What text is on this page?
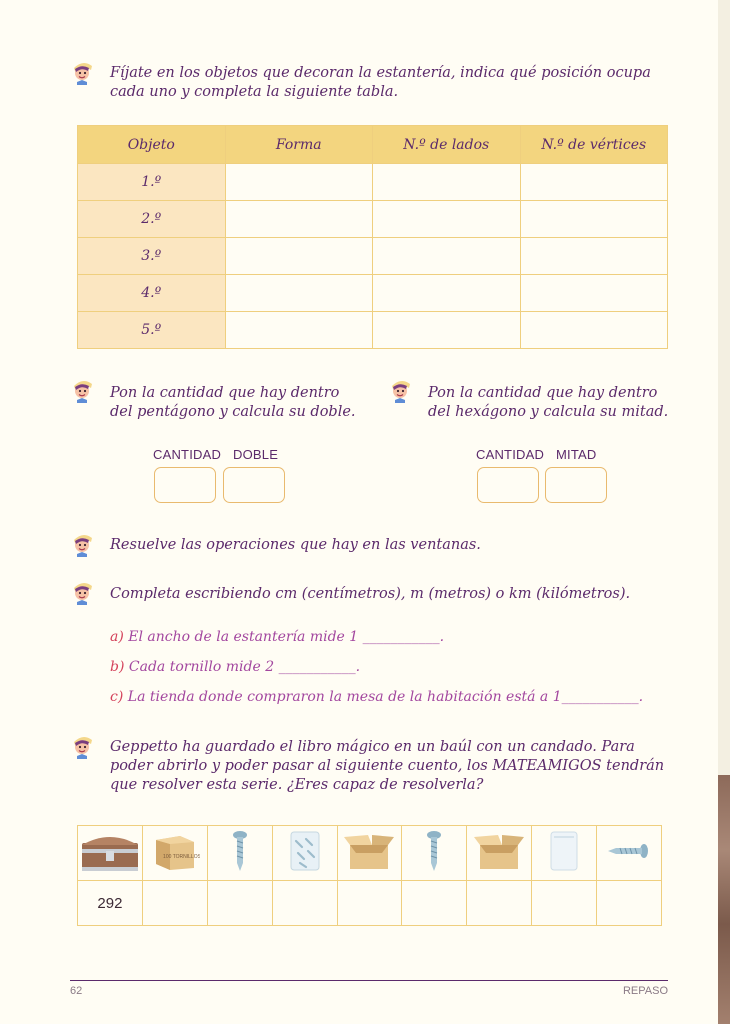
Fíjate en los objetos que decoran la estantería, indica qué posición ocupa cada uno y completa la siguiente tabla.
Objeto	Forma	N.º de lados	N.º de vértices
1.º			
2.º			
3.º			
4.º			
5.º			
Pon la cantidad que hay dentro del pentágono y calcula su doble.
Pon la cantidad que hay dentro del hexágono y calcula su mitad.
CANTIDAD DOBLE	CANTIDAD MITAD
Resuelve las operaciones que hay en las ventanas.
Completa escribiendo cm (centímetros), m (metros) o km (kilómetros).
a) El ancho de la estantería mide 1 ___________.
b) Cada tornillo mide 2 ___________.
c) La tienda donde compraron la mesa de la habitación está a 1___________.
Geppetto ha guardado el libro mágico en un baúl con un candado. Para poder abrirlo y poder pasar al siguiente cuento, los MATEAMIGOS tendrán que resolver esta serie. ¿Eres capaz de resolverla?

100 TORNILLOS

292								
62	REPASO
